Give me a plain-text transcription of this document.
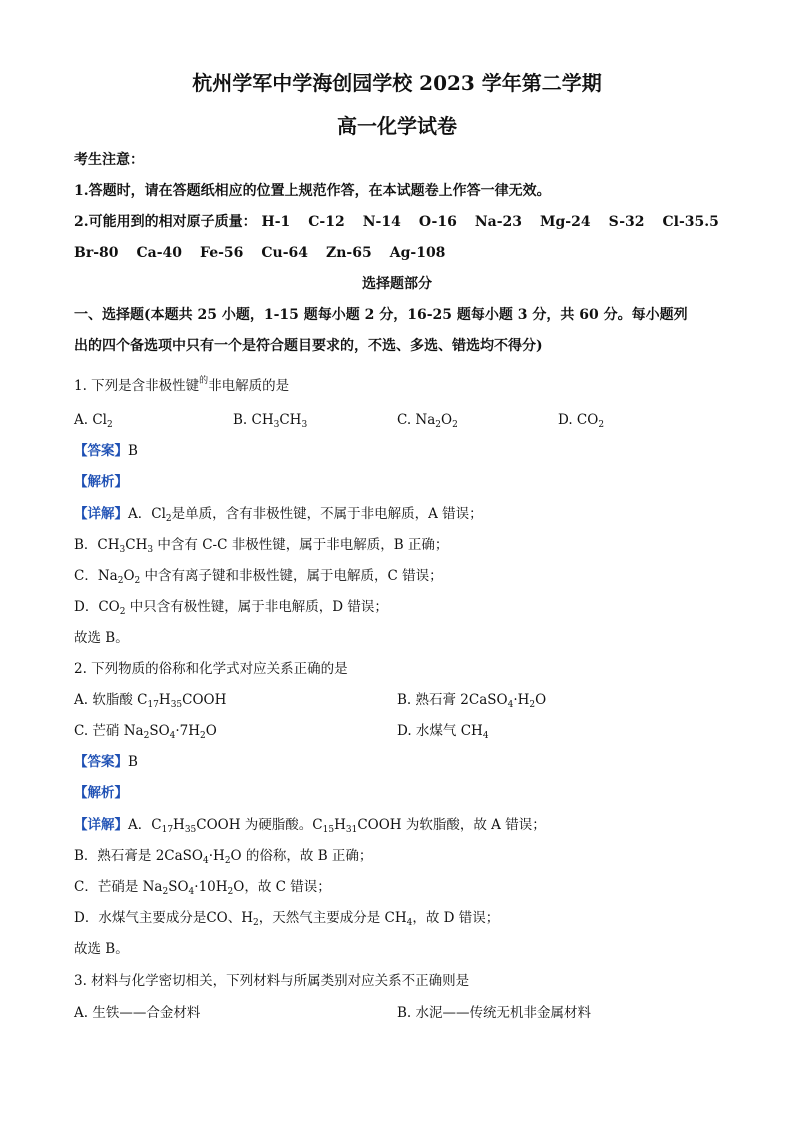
杭州学军中学海创园学校 2023 学年第二学期
高一化学试卷
考生注意：
1.答题时，请在答题纸相应的位置上规范作答，在本试题卷上作答一律无效。
2.可能用到的相对原子质量： H-1 C-12 N-14 O-16 Na-23 Mg-24 S-32 Cl-35.5
Br-80 Ca-40 Fe-56 Cu-64 Zn-65 Ag-108
选择题部分
一、选择题(本题共 25 小题，1-15 题每小题 2 分，16-25 题每小题 3 分，共 60 分。每小题列
出的四个备选项中只有一个是符合题目要求的，不选、多选、错选均不得分)
1. 下列是含非极性键$^的$非电解质的是
A. $Cl_2$	B. $CH_3CH_3$	C. $Na_2O_2$	D. $CO_2$
【答案】B
【解析】
【详解】A．$Cl_2$是单质，含有非极性键，不属于非电解质，A 错误；
B．$CH_3CH_3$ 中含有 C-C 非极性键，属于非电解质，B 正确；
C．$Na_2O_2$ 中含有离子键和非极性键，属于电解质，C 错误；
D．$CO_2$ 中只含有极性键，属于非电解质，D 错误；
故选 B。
2. 下列物质的俗称和化学式对应关系正确的是
A. 软脂酸 $C_{17}H_{35}COOH$	B. 熟石膏 $2CaSO_4\cdot H_2O$
C. 芒硝 $Na_2SO_4\cdot 7H_2O$	D. 水煤气 $CH_4$
【答案】B
【解析】
【详解】A．$C_{17}H_{35}COOH$ 为硬脂酸。$C_{15}H_{31}COOH$ 为软脂酸，故 A 错误；
B．熟石膏是 $2CaSO_4\cdot H_2O$ 的俗称，故 B 正确；
C．芒硝是 $Na_2SO_4\cdot 10H_2O$，故 C 错误；
D．水煤气主要成分是CO、$H_2$，天然气主要成分是 $CH_4$，故 D 错误；
故选 B。
3. 材料与化学密切相关，下列材料与所属类别对应关系不正确则是
A. 生铁——合金材料	B. 水泥——传统无机非金属材料
